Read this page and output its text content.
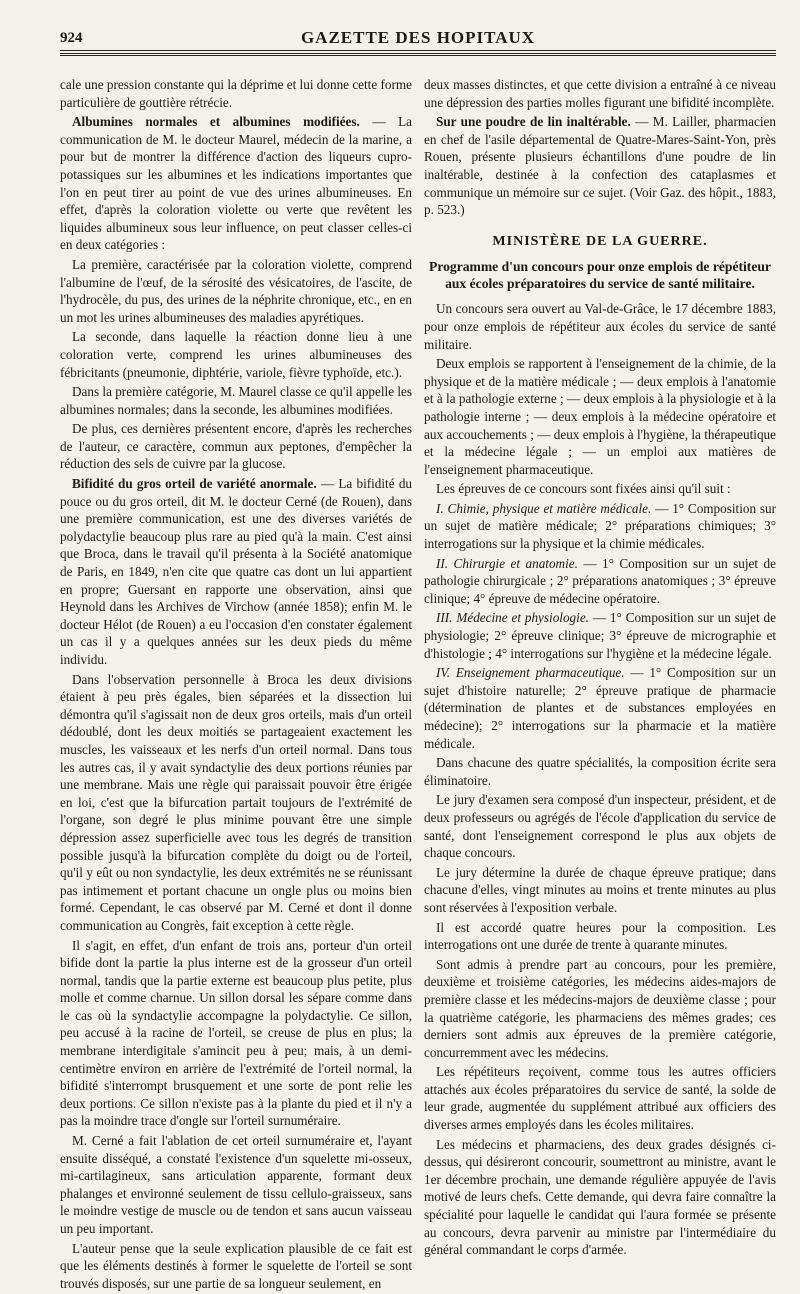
924	GAZETTE DES HOPITAUX

cale une pression constante qui la déprime et lui donne cette forme particulière de gouttière rétrécie.

Albumines normales et albumines modifiées. — La communication de M. le docteur Maurel, médecin de la marine, a pour but de montrer la différence d'action des liqueurs cupro-potassiques sur les albumines et les indications importantes que l'on en peut tirer au point de vue des urines albumineuses. En effet, d'après la coloration violette ou verte que revêtent les liquides albumineux sous leur influence, on peut classer celles-ci en deux catégories :

La première, caractérisée par la coloration violette, comprend l'albumine de l'œuf, de la sérosité des vésicatoires, de l'ascite, de l'hydrocèle, du pus, des urines de la néphrite chronique, etc., en en un mot les urines albumineuses des maladies apyrétiques.

La seconde, dans laquelle la réaction donne lieu à une coloration verte, comprend les urines albumineuses des fébricitants (pneumonie, diphtérie, variole, fièvre typhoïde, etc.).

Dans la première catégorie, M. Maurel classe ce qu'il appelle les albumines normales; dans la seconde, les albumines modifiées.

De plus, ces dernières présentent encore, d'après les recherches de l'auteur, ce caractère, commun aux peptones, d'empêcher la réduction des sels de cuivre par la glucose.

Bifidité du gros orteil de variété anormale. — La bifidité du pouce ou du gros orteil, dit M. le docteur Cerné (de Rouen), dans une première communication, est une des diverses variétés de polydactylie beaucoup plus rare au pied qu'à la main. C'est ainsi que Broca, dans le travail qu'il présenta à la Société anatomique de Paris, en 1849, n'en cite que quatre cas dont un lui appartient en propre; Guersant en rapporte une observation, ainsi que Heynold dans les Archives de Virchow (année 1858); enfin M. le docteur Hélot (de Rouen) a eu l'occasion d'en constater également un cas il y a quelques années sur les deux pieds du même individu.

Dans l'observation personnelle à Broca les deux divisions étaient à peu près égales, bien séparées et la dissection lui démontra qu'il s'agissait non de deux gros orteils, mais d'un orteil dédoublé, dont les deux moitiés se partageaient exactement les muscles, les vaisseaux et les nerfs d'un orteil normal. Dans tous les autres cas, il y avait syndactylie des deux portions réunies par une membrane. Mais une règle qui paraissait pouvoir être érigée en loi, c'est que la bifurcation partait toujours de l'extrémité de l'organe, son degré le plus minime pouvant être une simple dépression assez superficielle avec tous les degrés de transition possible jusqu'à la bifurcation complète du doigt ou de l'orteil, qu'il y eût ou non syndactylie, les deux extrémités ne se réunissant pas intimement et portant chacune un ongle plus ou moins bien formé. Cependant, le cas observé par M. Cerné et dont il donne communication au Congrès, fait exception à cette règle.

Il s'agit, en effet, d'un enfant de trois ans, porteur d'un orteil bifide dont la partie la plus interne est de la grosseur d'un orteil normal, tandis que la partie externe est beaucoup plus petite, plus molle et comme charnue. Un sillon dorsal les sépare comme dans le cas où la syndactylie accompagne la polydactylie. Ce sillon, peu accusé à la racine de l'orteil, se creuse de plus en plus; la membrane interdigitale s'amincit peu à peu; mais, à un demi-centimètre environ en arrière de l'extrémité de l'orteil normal, la bifidité s'interrompt brusquement et une sorte de pont relie les deux portions. Ce sillon n'existe pas à la plante du pied et il n'y a pas la moindre trace d'ongle sur l'orteil surnuméraire.

M. Cerné a fait l'ablation de cet orteil surnuméraire et, l'ayant ensuite disséqué, a constaté l'existence d'un squelette mi-osseux, mi-cartilagineux, sans articulation apparente, formant deux phalanges et environné seulement de tissu cellulo-graisseux, sans le moindre vestige de muscle ou de tendon et sans aucun vaisseau un peu important.

L'auteur pense que la seule explication plausible de ce fait est que les éléments destinés à former le squelette de l'orteil se sont trouvés disposés, sur une partie de sa longueur seulement, en

deux masses distinctes, et que cette division a entraîné à ce niveau une dépression des parties molles figurant une bifidité incomplète.

Sur une poudre de lin inaltérable. — M. Lailler, pharmacien en chef de l'asile départemental de Quatre-Mares-Saint-Yon, près Rouen, présente plusieurs échantillons d'une poudre de lin inaltérable, destinée à la confection des cataplasmes et communique un mémoire sur ce sujet. (Voir Gaz. des hôpit., 1883, p. 523.)

MINISTÈRE DE LA GUERRE.
Programme d'un concours pour onze emplois de répétiteur aux écoles préparatoires du service de santé militaire.

Un concours sera ouvert au Val-de-Grâce, le 17 décembre 1883, pour onze emplois de répétiteur aux écoles du service de santé militaire.

Deux emplois se rapportent à l'enseignement de la chimie, de la physique et de la matière médicale ; — deux emplois à l'anatomie et à la pathologie externe ; — deux emplois à la physiologie et à la pathologie interne ; — deux emplois à la médecine opératoire et aux accouchements ; — deux emplois à l'hygiène, la thérapeutique et la médecine légale ; — un emploi aux matières de l'enseignement pharmaceutique.

Les épreuves de ce concours sont fixées ainsi qu'il suit :

I. Chimie, physique et matière médicale. — 1° Composition sur un sujet de matière médicale; 2° préparations chimiques; 3° interrogations sur la physique et la chimie médicales.

II. Chirurgie et anatomie. — 1° Composition sur un sujet de pathologie chirurgicale ; 2° préparations anatomiques ; 3° épreuve clinique; 4° épreuve de médecine opératoire.

III. Médecine et physiologie. — 1° Composition sur un sujet de physiologie; 2° épreuve clinique; 3° épreuve de micrographie et d'histologie ; 4° interrogations sur l'hygiène et la médecine légale.

IV. Enseignement pharmaceutique. — 1° Composition sur un sujet d'histoire naturelle; 2° épreuve pratique de pharmacie (détermination de plantes et de substances employées en médecine); 2° interrogations sur la pharmacie et la matière médicale.

Dans chacune des quatre spécialités, la composition écrite sera éliminatoire.

Le jury d'examen sera composé d'un inspecteur, président, et de deux professeurs ou agrégés de l'école d'application du service de santé, dont l'enseignement correspond le plus aux objets de chaque concours.

Le jury détermine la durée de chaque épreuve pratique; dans chacune d'elles, vingt minutes au moins et trente minutes au plus sont réservées à l'exposition verbale.

Il est accordé quatre heures pour la composition. Les interrogations ont une durée de trente à quarante minutes.

Sont admis à prendre part au concours, pour les première, deuxième et troisième catégories, les médecins aides-majors de première classe et les médecins-majors de deuxième classe ; pour la quatrième catégorie, les pharmaciens des mêmes grades; ces derniers sont admis aux épreuves de la première catégorie, concurremment avec les médecins.

Les répétiteurs reçoivent, comme tous les autres officiers attachés aux écoles préparatoires du service de santé, la solde de leur grade, augmentée du supplément attribué aux officiers des diverses armes employés dans les écoles militaires.

Les médecins et pharmaciens, des deux grades désignés ci-dessus, qui désireront concourir, soumettront au ministre, avant le 1er décembre prochain, une demande régulière appuyée de l'avis motivé de leurs chefs. Cette demande, qui devra faire connaître la spécialité pour laquelle le candidat qui l'aura formée se présente au concours, devra parvenir au ministre par l'intermédiaire du général commandant le corps d'armée.
